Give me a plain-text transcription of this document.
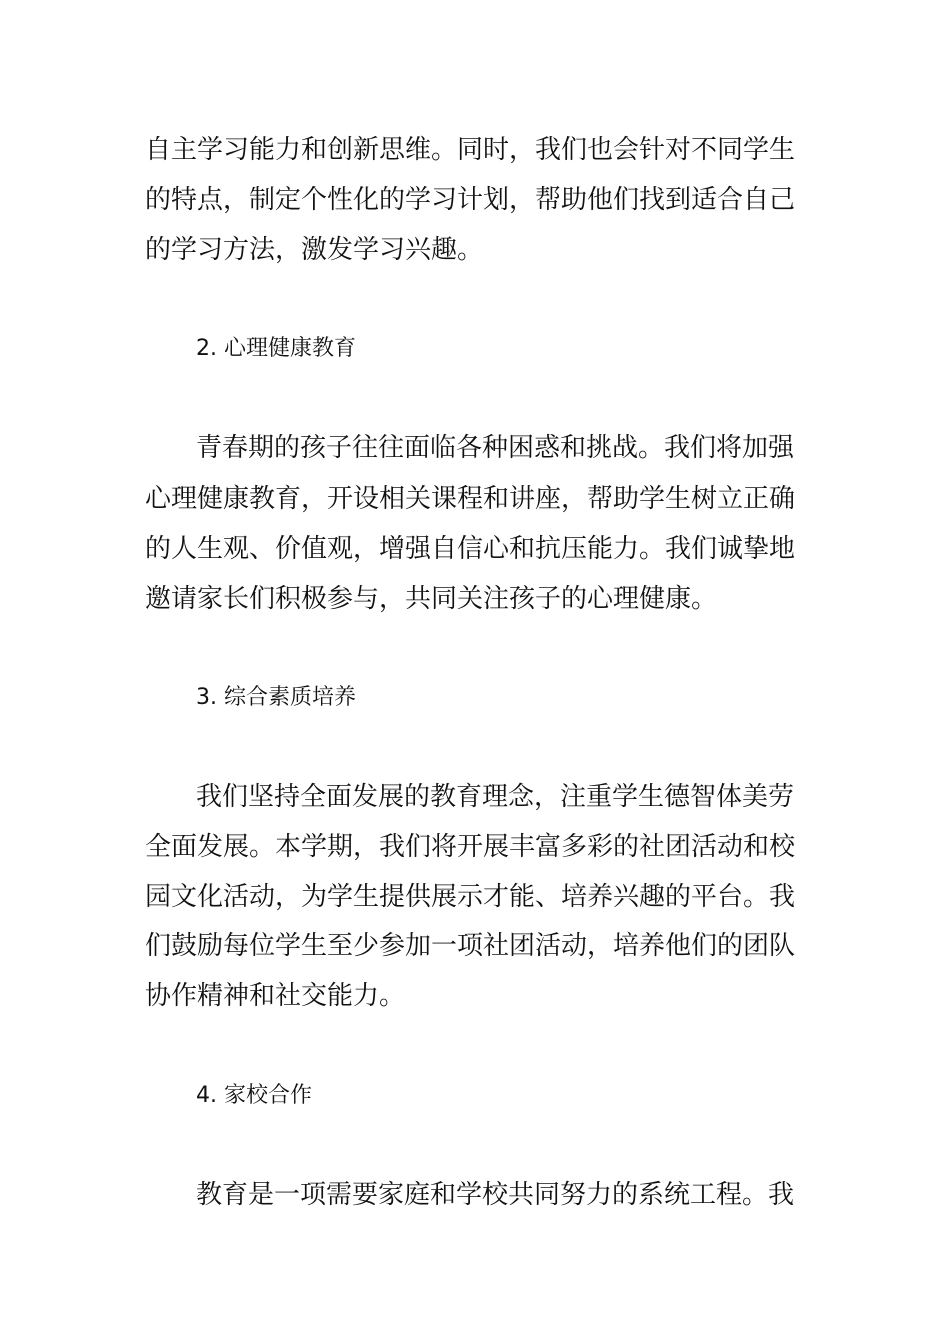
自主学习能力和创新思维。同时，我们也会针对不同学生
的特点，制定个性化的学习计划，帮助他们找到适合自己
的学习方法，激发学习兴趣。
2. 心理健康教育
青春期的孩子往往面临各种困惑和挑战。我们将加强
心理健康教育，开设相关课程和讲座，帮助学生树立正确
的人生观、价值观，增强自信心和抗压能力。我们诚挚地
邀请家长们积极参与，共同关注孩子的心理健康。
3. 综合素质培养
我们坚持全面发展的教育理念，注重学生德智体美劳
全面发展。本学期，我们将开展丰富多彩的社团活动和校
园文化活动，为学生提供展示才能、培养兴趣的平台。我
们鼓励每位学生至少参加一项社团活动，培养他们的团队
协作精神和社交能力。
4. 家校合作
教育是一项需要家庭和学校共同努力的系统工程。我
